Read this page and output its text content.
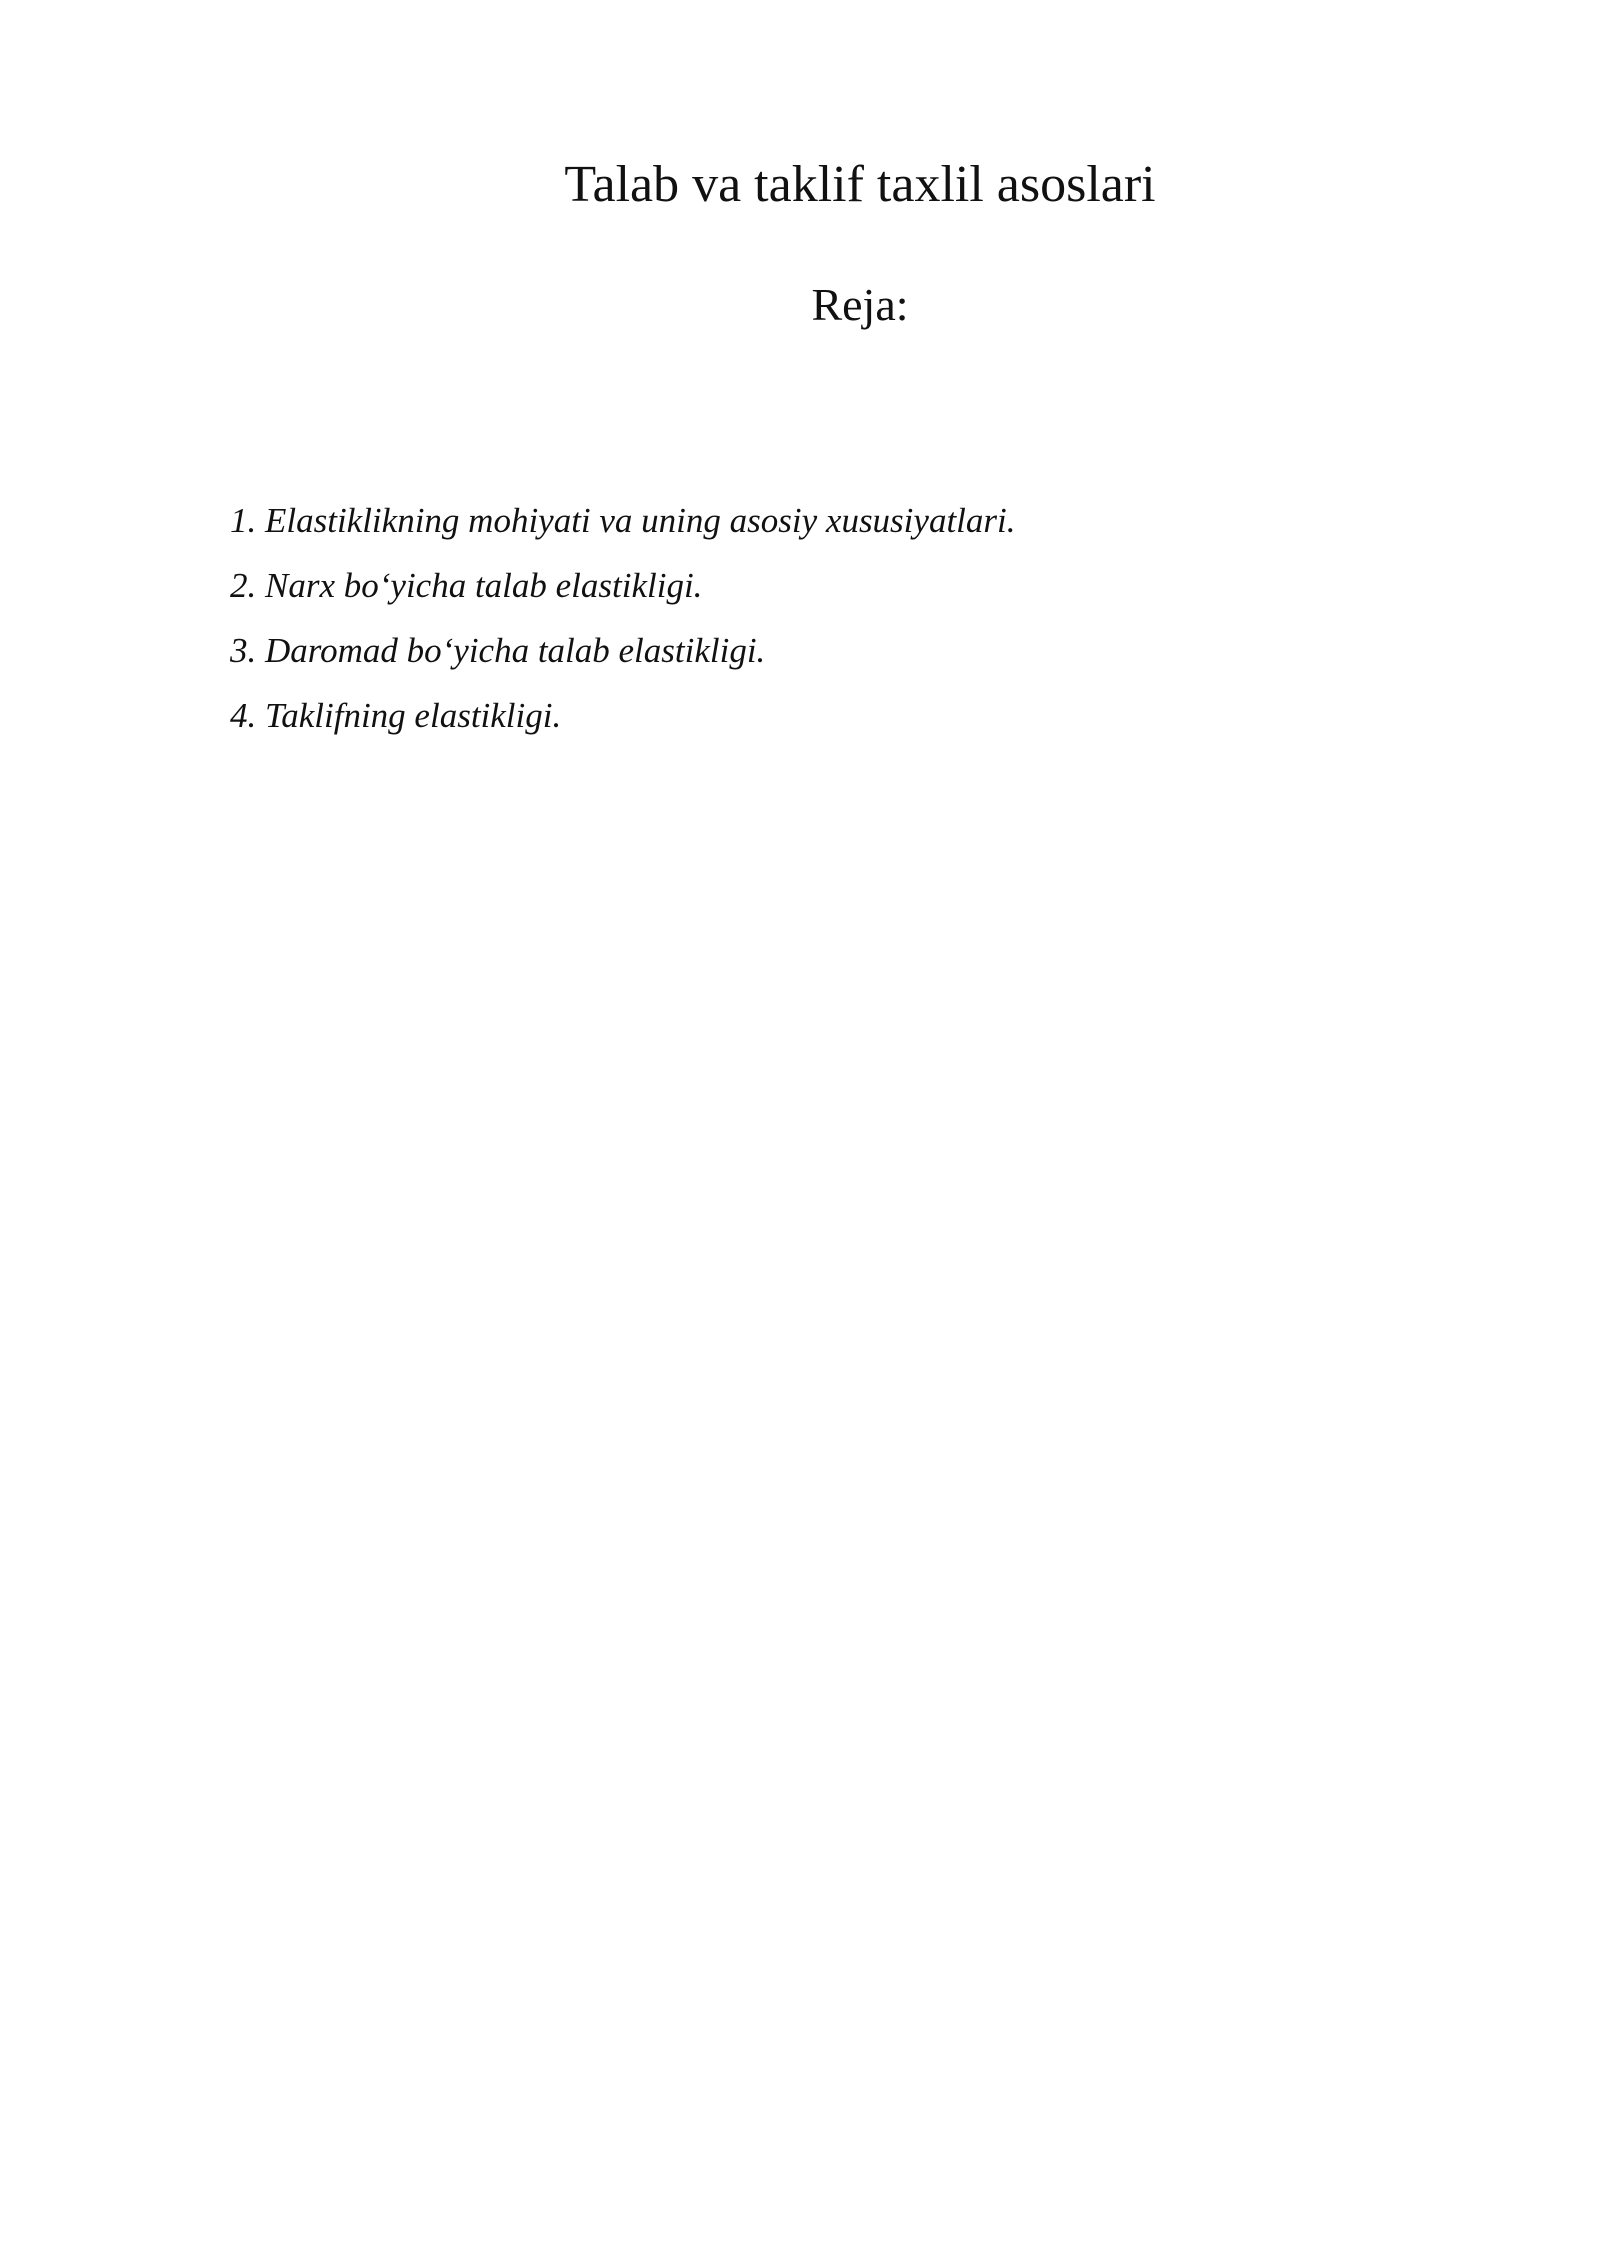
Talab va taklif taxlil asoslari
Reja:
1. Elastiklikning mohiyati va uning asosiy xususiyatlari.
2. Narx bo‘yicha talab elastikligi.
3. Daromad bo‘yicha talab elastikligi.
4. Taklifning elastikligi.
